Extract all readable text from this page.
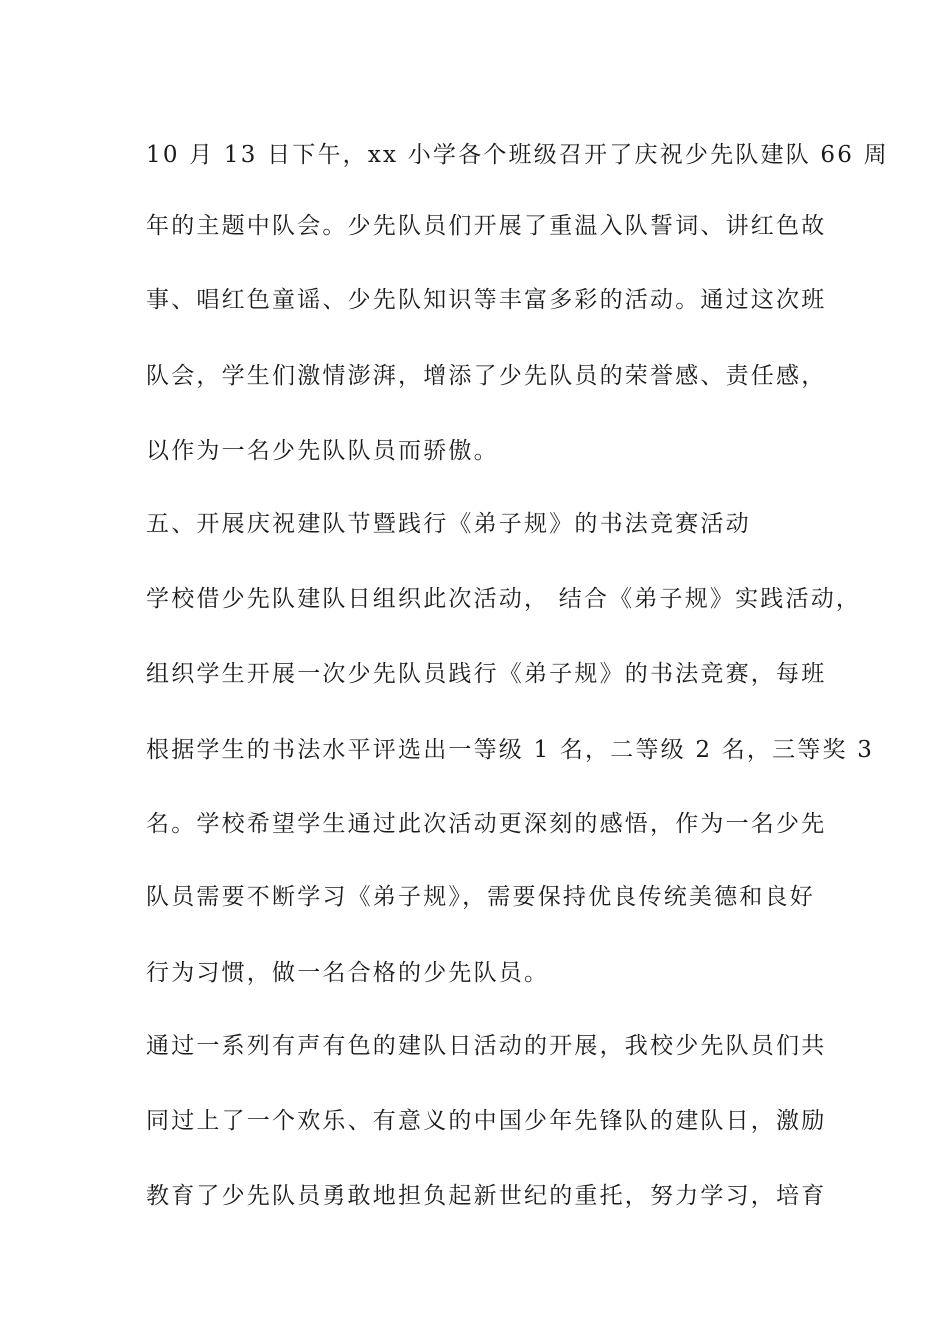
10 月 13 日下午，xx 小学各个班级召开了庆祝少先队建队 66 周
年的主题中队会。少先队员们开展了重温入队誓词、讲红色故
事、唱红色童谣、少先队知识等丰富多彩的活动。通过这次班
队会，学生们激情澎湃，增添了少先队员的荣誉感、责任感，
以作为一名少先队队员而骄傲。
五、开展庆祝建队节暨践行《弟子规》的书法竞赛活动
学校借少先队建队日组织此次活动， 结合《弟子规》实践活动，
组织学生开展一次少先队员践行《弟子规》的书法竞赛，每班
根据学生的书法水平评选出一等级 1 名，二等级 2 名，三等奖 3
名。学校希望学生通过此次活动更深刻的感悟，作为一名少先
队员需要不断学习《弟子规》，需要保持优良传统美德和良好
行为习惯，做一名合格的少先队员。
通过一系列有声有色的建队日活动的开展，我校少先队员们共
同过上了一个欢乐、有意义的中国少年先锋队的建队日，激励
教育了少先队员勇敢地担负起新世纪的重托，努力学习，培育
